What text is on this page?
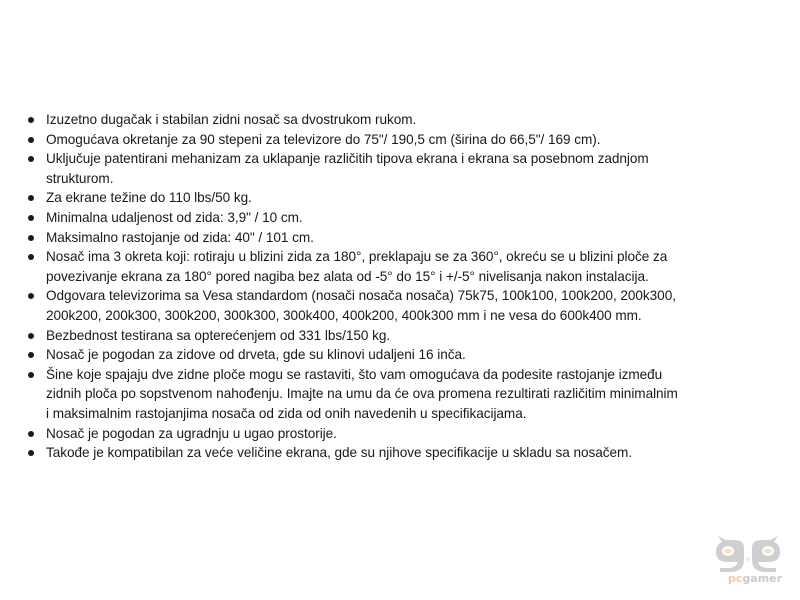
Izuzetno dugačak i stabilan zidni nosač sa dvostrukom rukom.
Omogućava okretanje za 90 stepeni za televizore do 75"/ 190,5 cm (širina do 66,5"/ 169 cm).
Uključuje patentirani mehanizam za uklapanje različitih tipova ekrana i ekrana sa posebnom zadnjom
strukturom.
Za ekrane težine do 110 lbs/50 kg.
Minimalna udaljenost od zida: 3,9" / 10 cm.
Maksimalno rastojanje od zida: 40" / 101 cm.
Nosač ima 3 okreta koji: rotiraju u blizini zida za 180°, preklapaju se za 360°, okreću se u blizini ploče za
povezivanje ekrana za 180° pored nagiba bez alata od -5° do 15° i +/-5° nivelisanja nakon instalacija.
Odgovara televizorima sa Vesa standardom (nosači nosača nosača) 75k75, 100k100, 100k200, 200k300,
200k200, 200k300, 300k200, 300k300, 300k400, 400k200, 400k300 mm i ne vesa do 600k400 mm.
Bezbednost testirana sa opterećenjem od 331 lbs/150 kg.
Nosač je pogodan za zidove od drveta, gde su klinovi udaljeni 16 inča.
Šine koje spajaju dve zidne ploče mogu se rastaviti, što vam omogućava da podesite rastojanje između
zidnih ploča po sopstvenom nahođenju. Imajte na umu da će ova promena rezultirati različitim minimalnim
i maksimalnim rastojanjima nosača od zida od onih navedenih u specifikacijama.
Nosač je pogodan za ugradnju u ugao prostorije.
Takođe je kompatibilan za veće veličine ekrana, gde su njihove specifikacije u skladu sa nosačem.
pcgamer
